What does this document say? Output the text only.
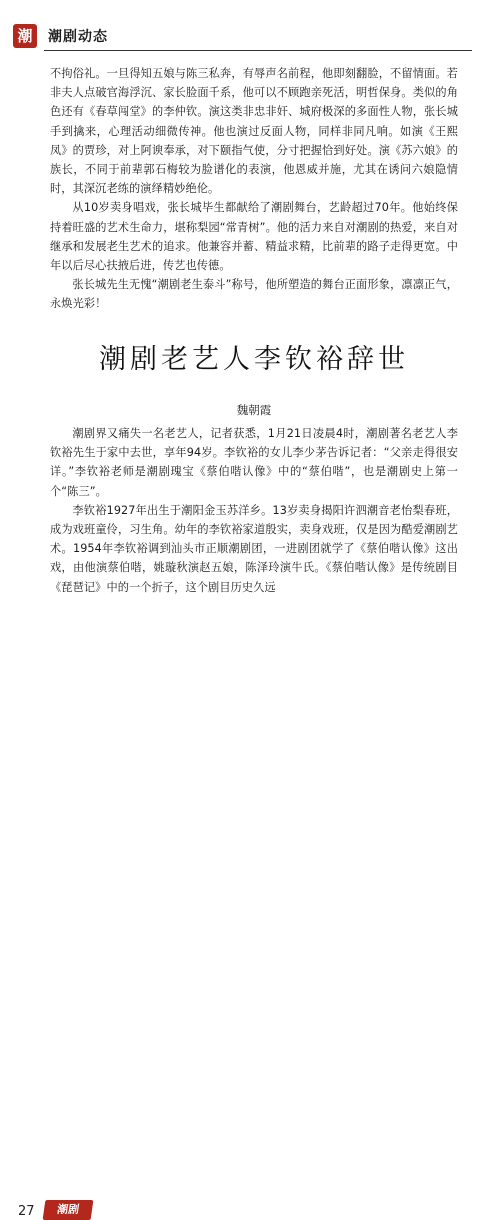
潮	潮剧动态

不拘俗礼。一旦得知五娘与陈三私奔，有辱声名前程，他即刻翻脸，不留情面。若非夫人点破官海浮沉、家长脸面千系，他可以不顾跑亲死活，明哲保身。类似的角色还有《春草闯堂》的李仲钦。演这类非忠非奸、城府极深的多面性人物，张长城手到擒来，心理活动细微传神。他也演过反面人物，同样非同凡响。如演《王熙凤》的贾珍，对上阿谀奉承，对下颐指气使，分寸把握恰到好处。演《苏六娘》的族长，不同于前辈郭石梅较为脸谱化的表演，他恩威并施，尤其在诱问六娘隐情时，其深沉老练的演绎精妙绝伦。

从10岁卖身唱戏，张长城毕生都献给了潮剧舞台，艺龄超过70年。他始终保持着旺盛的艺术生命力，堪称梨园“常青树”。他的活力来自对潮剧的热爱，来自对继承和发展老生艺术的追求。他兼容并蓄、精益求精，比前辈的路子走得更宽。中年以后尽心扶掖后进，传艺也传德。

张长城先生无愧“潮剧老生泰斗”称号，他所塑造的舞台正面形象，凛凛正气，永焕光彩！

潮剧老艺人李钦裕辞世
魏朝霞

潮剧界又痛失一名老艺人，记者获悉，1月21日凌晨4时，潮剧著名老艺人李钦裕先生于家中去世，享年94岁。李钦裕的女儿李少茅告诉记者：“父亲走得很安详。”李钦裕老师是潮剧瑰宝《蔡伯喈认像》中的“蔡伯喈”，也是潮剧史上第一个“陈三”。

李钦裕1927年出生于潮阳金玉苏洋乡。13岁卖身揭阳许泗潮音老怡梨春班，成为戏班童伶，习生角。幼年的李钦裕家道殷实，卖身戏班，仅是因为酷爱潮剧艺术。1954年李钦裕调到汕头市正顺潮剧团，一进剧团就学了《蔡伯喈认像》这出戏，由他演蔡伯喈，姚璇秋演赵五娘，陈泽玲演牛氏。《蔡伯喈认像》是传统剧目《琵琶记》中的一个折子，这个剧目历史久远

27	潮剧
